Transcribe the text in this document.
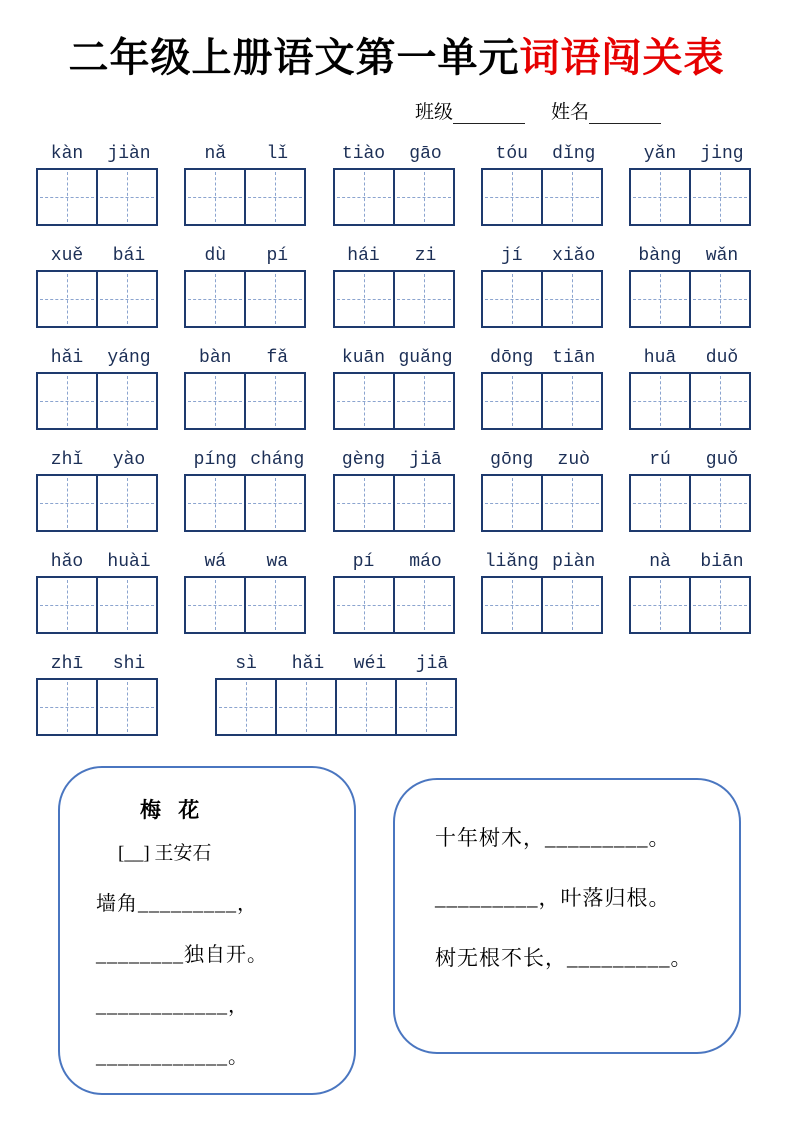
二年级上册语文第一单元词语闯关表
班级	姓名
kàn	jiàn	nǎ	lǐ	tiào	gāo	tóu	dǐng	yǎn	jing
xuě	bái	dù	pí	hái	zi	jí	xiǎo	bàng	wǎn
hǎi	yáng	bàn	fǎ	kuān guǎng	dōng	tiān	huā	duǒ
zhǐ	yào	píng cháng	gèng	jiā	gōng	zuò	rú	guǒ
hǎo	huài	wá	wa	pí	máo	liǎng piàn	nà	biān
zhī	shi	sì	hǎi	wéi	jiā
梅 花
[__] 王安石
墙角_________，
________独自开。
____________，
____________。
十年树木，_________。
_________，叶落归根。
树无根不长，_________。
